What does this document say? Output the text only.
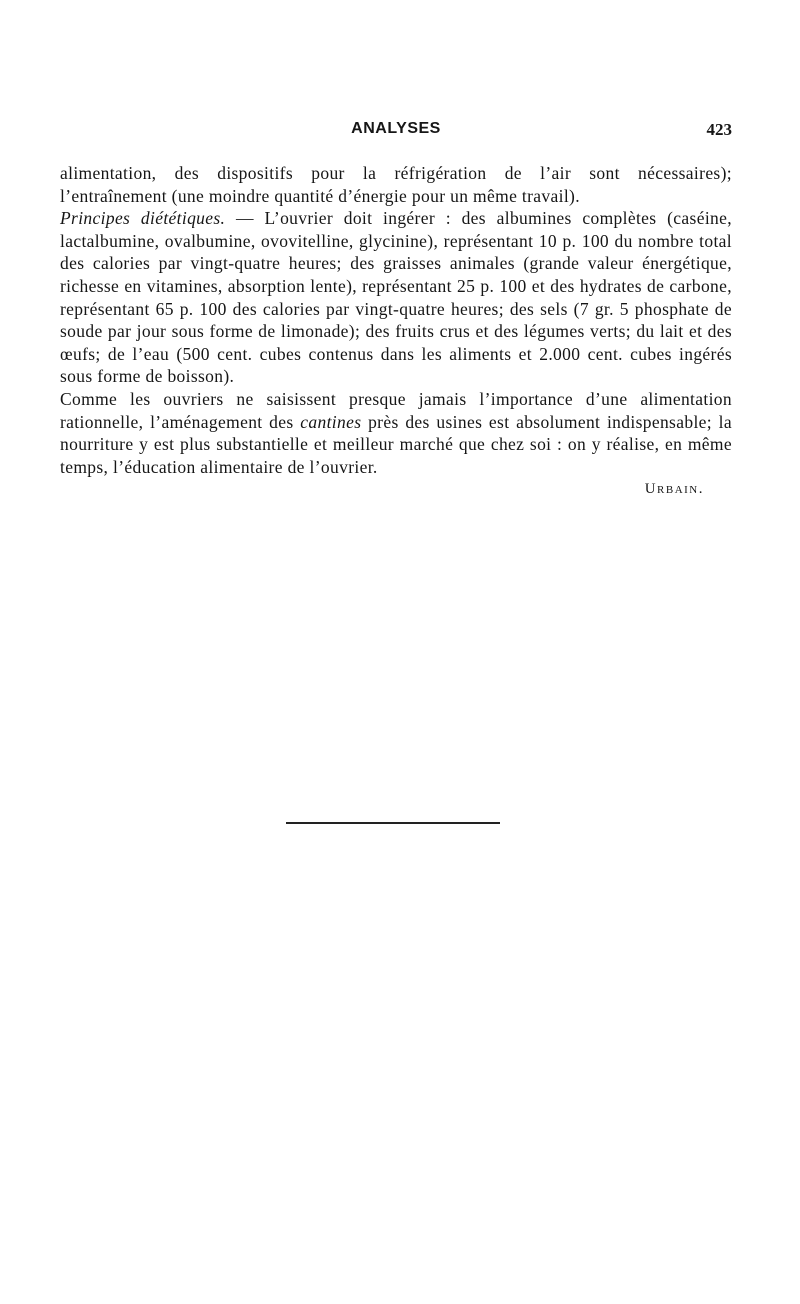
ANALYSES	423

alimentation, des dispositifs pour la réfrigération de l’air sont nécessaires);

l’entraînement (une moindre quantité d’énergie pour un même travail).

Principes diététiques. — L’ouvrier doit ingérer : des albumines complètes (caséine, lactalbumine, ovalbumine, ovovitelline, glycinine), représentant 10 p. 100 du nombre total des calories par vingt-quatre heures; des graisses animales (grande valeur énergétique, richesse en vitamines, absorption lente), représentant 25 p. 100 et des hydrates de carbone, représentant 65 p. 100 des calories par vingt-quatre heures; des sels (7 gr. 5 phosphate de soude par jour sous forme de limonade); des fruits crus et des légumes verts; du lait et des œufs; de l’eau (500 cent. cubes contenus dans les aliments et 2.000 cent. cubes ingérés sous forme de boisson).

Comme les ouvriers ne saisissent presque jamais l’importance d’une alimentation rationnelle, l’aménagement des cantines près des usines est absolument indispensable; la nourriture y est plus substantielle et meilleur marché que chez soi : on y réalise, en même temps, l’éducation alimentaire de l’ouvrier.

Urbain.
